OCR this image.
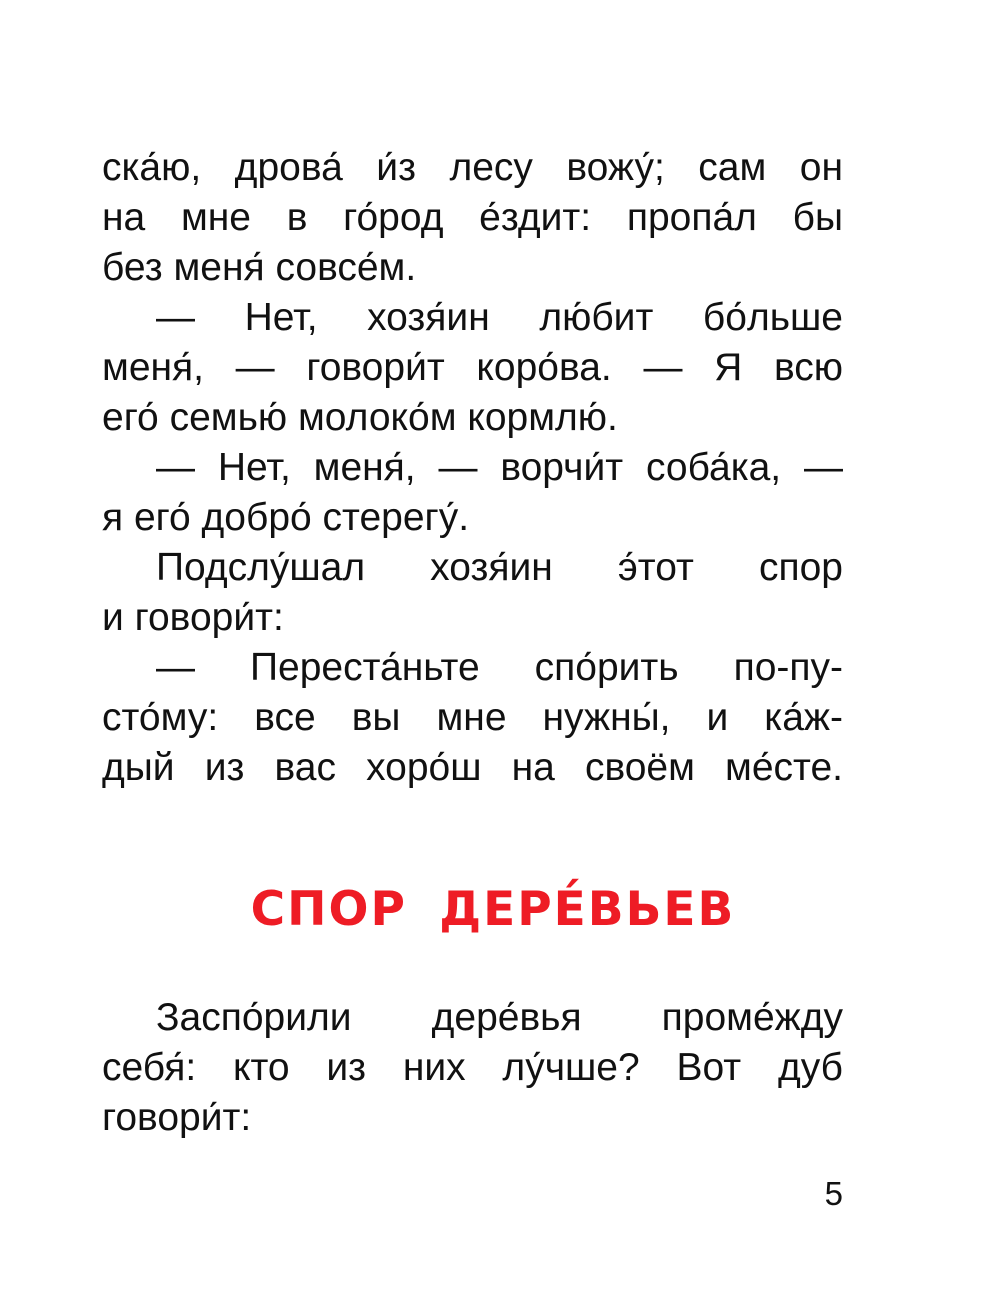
ска́ю, дрова́ и́з лесу вожу́; сам он
на мне в го́род е́здит: пропа́л бы
без меня́ совсе́м.
— Нет, хозя́ин лю́бит бо́льше
меня́, — говори́т коро́ва. — Я всю
его́ семью́ молоко́м кормлю́.
— Нет, меня́, — ворчи́т соба́ка, —
я его́ добро́ стерегу́.
Подслу́шал хозя́ин э́тот спор
и говори́т:
— Переста́ньте спо́рить по-пу-
сто́му: все вы мне нужны́, и ка́ж-
дый из вас хоро́ш на своём ме́сте.
СПОР ДЕРЕ́ВЬЕВ
Заспо́рили дере́вья проме́жду
себя́: кто из них лу́чше? Вот дуб
говори́т:
5
